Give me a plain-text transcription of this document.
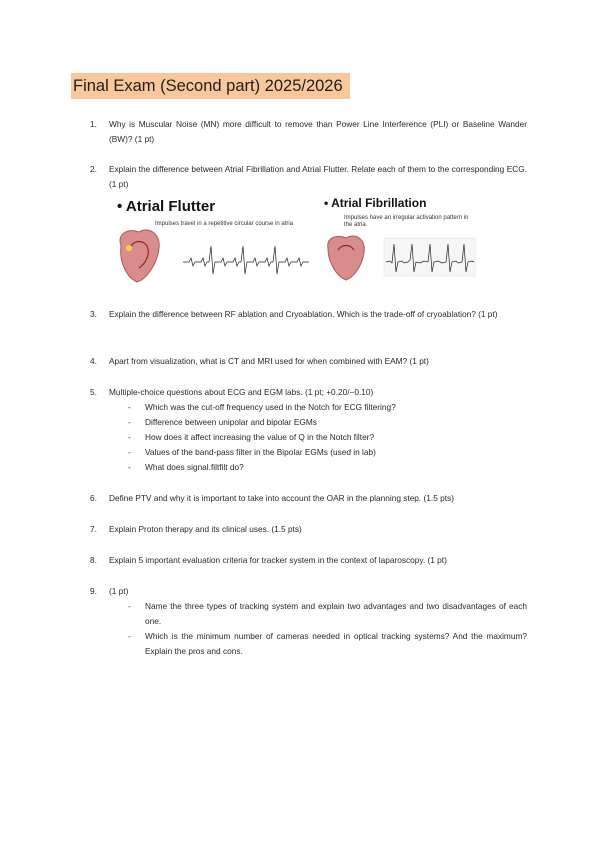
Final Exam (Second part) 2025/2026
1.	Why is Muscular Noise (MN) more difficult to remove than Power Line Interference (PLI) or Baseline Wander (BW)? (1 pt)
2.	Explain the difference between Atrial Fibrillation and Atrial Flutter. Relate each of them to the corresponding ECG. (1 pt)
• Atrial Flutter
Impulses travel in a repetitive circular course in atria
• Atrial Fibrillation
Impulses have an irregular activation pattern in the atria.
3.	Explain the difference between RF ablation and Cryoablation. Which is the trade-off of cryoablation? (1 pt)
4.	Apart from visualization, what is CT and MRI used for when combined with EAM? (1 pt)
5.	Multiple-choice questions about ECG and EGM labs. (1 pt; +0.20/−0.10)
- Which was the cut-off frequency used in the Notch for ECG filtering?
- Difference between unipolar and bipolar EGMs
- How does it affect increasing the value of Q in the Notch filter?
- Values of the band-pass filter in the Bipolar EGMs (used in lab)
- What does signal.filtfilt do?
6.	Define PTV and why it is important to take into account the OAR in the planning step. (1.5 pts)
7.	Explain Proton therapy and its clinical uses. (1.5 pts)
8.	Explain 5 important evaluation criteria for tracker system in the context of laparoscopy. (1 pt)
9.	(1 pt)
- Name the three types of tracking system and explain two advantages and two disadvantages of each one.
- Which is the minimum number of cameras needed in optical tracking systems? And the maximum? Explain the pros and cons.
